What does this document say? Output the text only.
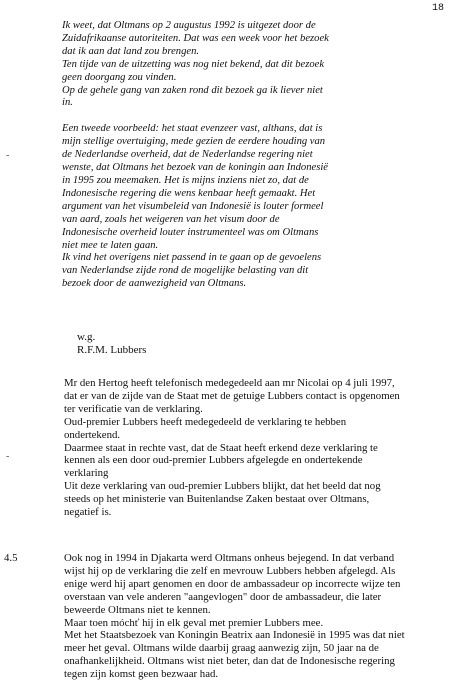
18

Ik weet, dat Oltmans op 2 augustus 1992 is uitgezet door de

Zuidafrikaanse autoriteiten. Dat was een week voor het bezoek

dat ik aan dat land zou brengen.

Ten tijde van de uitzetting was nog niet bekend, dat dit bezoek

geen doorgang zou vinden.

Op de gehele gang van zaken rond dit bezoek ga ik liever niet

in.

Een tweede voorbeeld: het staat evenzeer vast, althans, dat is

mijn stellige overtuiging, mede gezien de eerdere houding van

de Nederlandse overheid, dat de Nederlandse regering niet

wenste, dat Oltmans het bezoek van de koningin aan Indonesië

in 1995 zou meemaken. Het is mijns inziens niet zo, dat de

Indonesische regering die wens kenbaar heeft gemaakt. Het

argument van het visumbeleid van Indonesië is louter formeel

van aard, zoals het weigeren van het visum door de

Indonesische overheid louter instrumenteel was om Oltmans

niet mee te laten gaan.

Ik vind het overigens niet passend in te gaan op de gevoelens

van Nederlandse zijde rond de mogelijke belasting van dit

bezoek door de aanwezigheid van Oltmans.

-
w.g.
R.F.M. Lubbers

Mr den Hertog heeft telefonisch medegedeeld aan mr Nicolai op 4 juli 1997,

dat er van de zijde van de Staat met de getuige Lubbers contact is opgenomen

ter verificatie van de verklaring.

Oud-premier Lubbers heeft medegedeeld de verklaring te hebben

ondertekend.

Daarmee staat in rechte vast, dat de Staat heeft erkend deze verklaring te

kennen als een door oud-premier Lubbers afgelegde en ondertekende

verklaring

Uit deze verklaring van oud-premier Lubbers blijkt, dat het beeld dat nog

steeds op het ministerie van Buitenlandse Zaken bestaat over Oltmans,

negatief is.

-
4.5	Ook nog in 1994 in Djakarta werd Oltmans onheus bejegend. In dat verband

wijst hij op de verklaring die zelf en mevrouw Lubbers hebben afgelegd. Als

enige werd hij apart genomen en door de ambassadeur op incorrecte wijze ten

overstaan van vele anderen "aangevlogen" door de ambassadeur, die later

beweerde Oltmans niet te kennen.

Maar toen móchť hij in elk geval met premier Lubbers mee.

Met het Staatsbezoek van Koningin Beatrix aan Indonesië in 1995 was dat niet

meer het geval. Oltmans wilde daarbij graag aanwezig zijn, 50 jaar na de

onafhankelijkheid. Oltmans wist niet beter, dan dat de Indonesische regering

tegen zijn komst geen bezwaar had.
